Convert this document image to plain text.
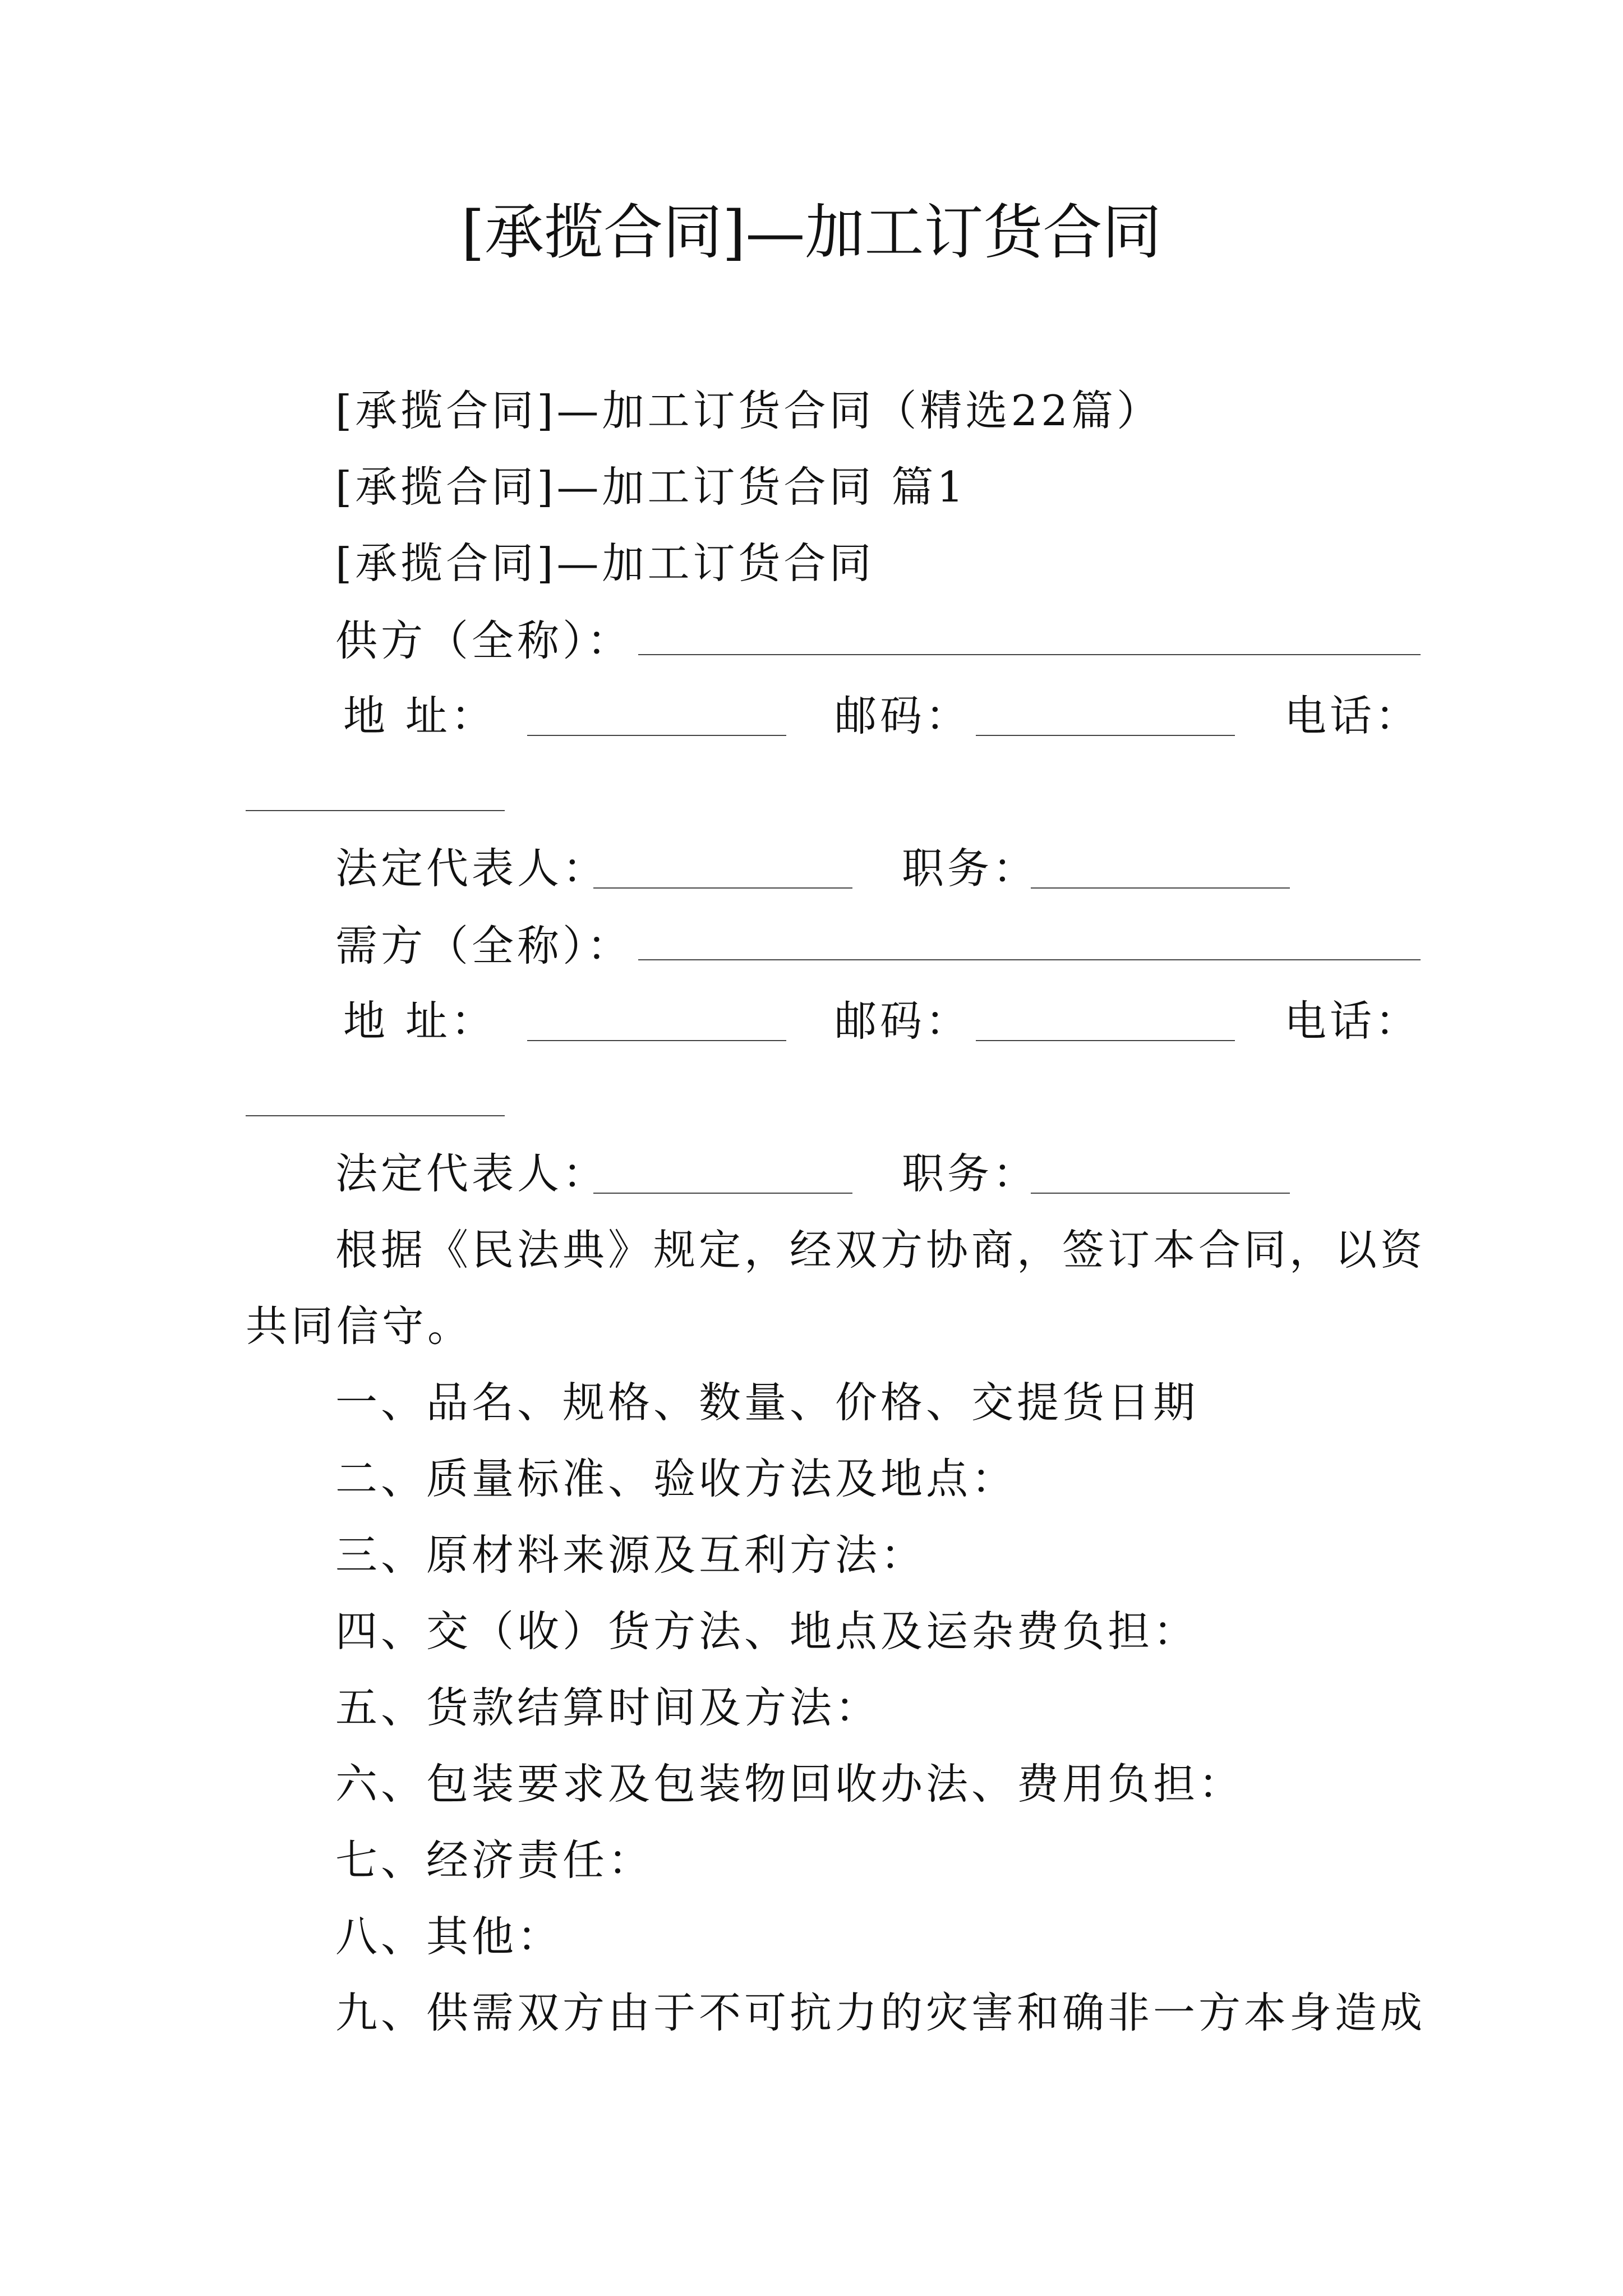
[承揽合同]—加工订货合同
[承揽合同]—加工订货合同（精选22篇）
[承揽合同]—加工订货合同 篇1
[承揽合同]—加工订货合同
供方（全称）：
地 址：	邮码：	电话：
法定代表人：	职务：
需方（全称）：
地 址：	邮码：	电话：
法定代表人：	职务：
根据《民法典》规定，经双方协商，签订本合同，以资
共同信守。
一、品名、规格、数量、价格、交提货日期
二、质量标准、验收方法及地点：
三、原材料来源及互利方法：
四、交（收）货方法、地点及运杂费负担：
五、货款结算时间及方法：
六、包装要求及包装物回收办法、费用负担：
七、经济责任：
八、其他：
九、供需双方由于不可抗力的灾害和确非一方本身造成
